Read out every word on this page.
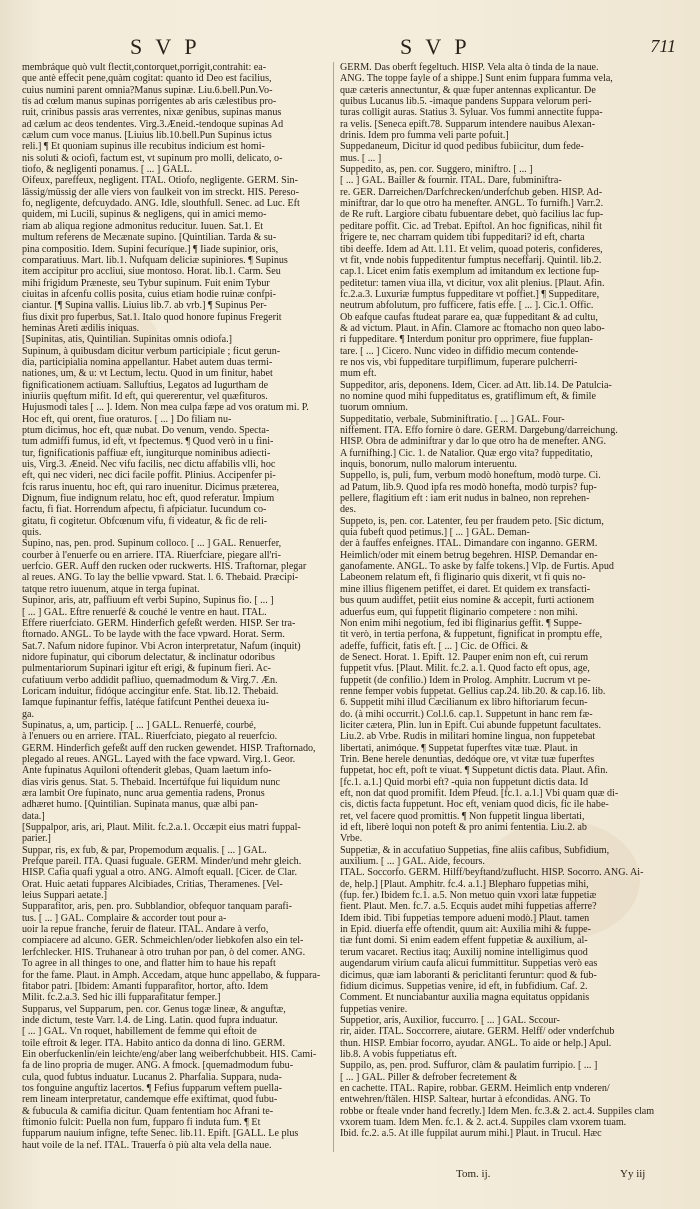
S V P	S V P	711

membráque quò vult flectit,contorquet,porrigit,contrahit: ea-

que antè effecit pene,quàm cogitat: quanto id Deo est facilius,

cuius numini parent omnia?Manus supinæ. Liu.6.bell.Pun.Vo-

tis ad cœlum manus supinas porrigentes ab aris cælestibus pro-

ruit, crinibus passis aras verrentes, nixæ genibus, supinas manus

ad cælum ac deos tendentes. Virg.3.Æneid.-tendoque supinas Ad

cælum cum voce manus. [Liuius lib.10.bell.Pun Supinus ictus

reli.] ¶ Et quoniam supinus ille recubitus indicium est homi-

nis soluti & ociofi, factum est, vt supinum pro molli, delicato, o-

tiofo, & negligenti ponamus. [ ... ] GALL.

Oifeux, pareffeux, negligent. ITAL. Otiofo, negligente. GERM. Sin-

lässig/müssig der alle viers von faulkeit von im streckt. HIS. Pereso-

fo, negligente, defcuydado. ANG. Idle, slouthfull. Senec. ad Luc. Eft

quidem, mi Lucili, supinus & negligens, qui in amici memo-

riam ab aliqua regione admonitus reducitur. Iuuen. Sat.1. Et

multum referens de Mecænate supino. [Quintilian. Tarda & su-

pina compositio. Idem. Supini fecuríque.] ¶ Iiade supinior, oris,

comparatiuus. Mart. lib.1. Nufquam deliciæ supiniores. ¶ Supinus

item accipitur pro accliui, siue montoso. Horat. lib.1. Carm. Seu

mihi frigidum Præneste, seu Tybur supinum. Fuit enim Tybur

ciuitas in afcenfu collis posita, cuius etiam hodie ruinæ confpi-

ciantur. [¶ Supina vallis. Liuius lib.7. ab vrb.] ¶ Supinus Per-

fius dixit pro fuperbus, Sat.1. Italo quod honore fupinus Fregerit

heminas Areti ædilis iniquas.

[Supinitas, atis, Quintilian. Supinitas omnis odiofa.]

Supinum, à quibusdam dicitur verbum participiale ; ficut gerun-

dia, participialia nomina appellantur. Habet autem duas termi-

nationes, um, & u: vt Lectum, lectu. Quod in um finitur, habet

fignificationem actiuam. Salluftius, Legatos ad Iugurtham de

iniuriis quęftum mifit. Id eft, qui quererentur, vel quæfituros.

Hujusmodi tales [ ... ]. Idem. Non mea culpa fæpe ad vos oratum mi. P.

Hoc eft, qui orent, fiue oraturos. [ ... ] Do filiam nu-

ptum dicimus, hoc eft, quæ nubat. Do venum, vendo. Specta-

tum admiffi fumus, id eft, vt fpectemus. ¶ Quod verò in u fini-

tur, fignificationis paffiuæ eft, iungiturque nominibus adiecti-

uis, Virg.3. Æneid. Nec vifu facilis, nec dictu affabilis vlli, hoc

eft, qui nec videri, nec dici facile poffit. Plinius. Accipenfer pi-

fcis rarus inuentu, hoc eft, qui raro inuenitur. Dicimus præterea,

Dignum, fiue indignum relatu, hoc eft, quod referatur. Impium

factu, fi fiat. Horrendum afpectu, fi afpiciatur. Iucundum co-

gitatu, fi cogitetur. Obfcœnum vifu, fi videatur, & fic de reli-

quis.

Supino, nas, pen. prod. Supinum colloco. [ ... ] GAL. Renuerfer,

courber à l'enuerfe ou en arriere. ITA. Riuerfciare, piegare all'ri-

uerfcio. GER. Auff den rucken oder ruckwerts. HIS. Traftornar, plegar

al reues. ANG. To lay the bellie vpward. Stat. l. 6. Thebaid. Præcipi-

tatque retro iuuenum, atque in terga fupinat.

Supinor, aris, atr, paffiuum eft verbi Supino, Supinus fio. [ ... ]

[ ... ] GAL. Eftre renuerfé & couché le ventre en haut. ITAL.

Effere riuerfciato. GERM. Hinderfich gefeßt werden. HISP. Ser tra-

ftornado. ANGL. To be layde with the face vpward. Horat. Serm.

Sat.7. Nafum nidore fupinor. Vbi Acron interpretatur, Nafum (inquit)

nidore fupinatur, qui ciborum delectatur, & inclinatur odoribus

pulmentariorum Supinari igitur eft erigi, & fupinum fieri. Ac-

cufatiuum verbo addidit pafliuo, quemadmodum & Virg.7. Æn.

Loricam induitur, fidóque accingitur enfe. Stat. lib.12. Thebaid.

Iamque fupinantur feffis, latéque fatifcunt Penthei deuexa iu-

ga.

Supinatus, a, um, particip. [ ... ] GALL. Renuerfé, courbé,

à l'enuers ou en arriere. ITAL. Riuerfciato, piegato al reuerfcio.

GERM. Hinderfich gefeßt auff den rucken gewendet. HISP. Traftornado,

plegado al reues. ANGL. Layed with the face vpward. Virg.1. Geor.

Ante fupinatus Aquiloni oftenderit glebas, Quam laetum info-

dias viris genus. Stat. 5. Thebaid. Incertúfque fui liquidum nunc

æra lambit Ore fupinato, nunc arua gementia radens, Pronus

adhæret humo. [Quintilian. Supinata manus, quæ albi pan-

data.]

[Suppalpor, aris, ari, Plaut. Milit. fc.2.a.1. Occæpit eius matri fuppal-

parier.]

Suppar, ris, ex fub, & par, Propemodum æqualis. [ ... ] GAL.

Prefque pareil. ITA. Quasi fuguale. GERM. Minder/und mehr gleich.

HISP. Cafia quafi ygual a otro. ANG. Almoft equall. [Cicer. de Clar.

Orat. Huic aetati fuppares Alcibiades, Critias, Theramenes. [Vel-

leius Suppari aetate.]

Supparafitor, aris, pen. pro. Subblandior, obfequor tanquam parafi-

tus. [ ... ] GAL. Complaire & accorder tout pour a-

uoir la repue franche, feruir de flateur. ITAL. Andare à verfo,

compiacere ad alcuno. GER. Schmeichlen/oder liebkofen also ein tel-

lerfchlecker. HIS. Truhanear à otro truhan por pan, ò del comer. ANG.

To agree in all thinges to one, and flatter him to haue his repaft

for the fame. Plaut. in Amph. Accedam, atque hunc appellabo, & fuppara-

fitabor patri. [Ibidem: Amanti fupparafitor, hortor, afto. Idem

Milit. fc.2.a.3. Sed hic illi fupparafitatur femper.]

Supparus, vel Supparum, pen. cor. Genus togæ lineæ, & anguftæ,

inde dictum, teste Varr. l.4. de Ling. Latin. quod fupra induatur.

[ ... ] GAL. Vn roquet, habillement de femme qui eftoit de

toile eftroit & leger. ITA. Habito antico da donna di lino. GERM.

Ein oberfuckenlin/ein leichte/eng/aber lang weiberfchubbeit. HIS. Cami-

fa de lino propria de muger. ANG. A fmock. [quemadmodum fubu-

cula, quod fubtus induatur. Lucanus 2. Pharfalia. Suppara, nuda-

tos fonguine anguftiz lacertos. ¶ Fefius fupparum veftem puella-

rem lineam interpretatur, candemque effe exiftimat, quod fubu-

& fubucula & camifia dicitur. Quam fententiam hoc Afrani te-

ftimonio fulcit: Puella non fum, fupparo fi induta fum. ¶ Et

fupparum nauium infigne, tefte Senec. lib.11. Epift. [GALL. Le plus

haut voile de la nef. ITAL. Trauerfa ò più alta vela della naue.

GERM. Das oberft fegeltuch. HISP. Vela alta ò tinda de la naue.

ANG. The toppe fayle of a shippe.] Sunt enim fuppara fumma vela,

quæ cæteris annectuntur, & quæ fuper antennas explicantur. De

quibus Lucanus lib.5. -imaque pandens Suppara velorum peri-

turas colligit auras. Statius 3. Syluar. Vos fummi annectite fuppa-

ra velis. [Seneca epift.78. Supparum intendere nauibus Alexan-

drinis. Idem pro fumma veli parte pofuit.]

Suppedaneum, Dicitur id quod pedibus fubiicitur, dum fede-

mus. [ ... ]

Suppedito, as, pen. cor. Suggero, miniftro. [ ... ]

[ ... ] GAL. Bailler & fournir. ITAL. Dare, fubminiftra-

re. GER. Darreichen/Darfchrecken/underfchub geben. HISP. Ad-

miniftrar, dar lo que otro ha menefter. ANGL. To furnifh.] Varr.2.

de Re ruft. Largiore cibatu fubuentare debet, quò facilius lac fup-

peditare poffit. Cic. ad Trebat. Epiftol. An hoc fignificas, nihil fit

frigere te, nec charram quidem tibi fuppeditari? id eft, charta

tibi deeffe. Idem ad Att. l.11. Et velim, quoad poteris, confideres,

vt fit, vnde nobis fuppeditentur fumptus neceffarij. Quintil. lib.2.

cap.1. Licet enim fatis exemplum ad imitandum ex lectione fup-

peditetur: tamen viua illa, vt dicitur, vox alit plenius. [Plaut. Afin.

fc.2.a.3. Luxuriæ fumptus fuppeditare vt poffiet.] ¶ Suppeditare,

neutrum abfolutum, pro fufficere, fatis effe. [ ... ]. Cic.1. Offic.

Ob eafque caufas ftudeat parare ea, quæ fuppeditant & ad cultu,

& ad victum. Plaut. in Afin. Clamore ac ftomacho non queo labo-

ri fuppeditare. ¶ Interdum ponitur pro opprimere, fiue fupplan-

tare. [ ... ] Cicero. Nunc video in diffidio mecum contende-

re nos vis, vbi fuppeditare turpiflimum, fuperare pulcherri-

mum eft.

Suppeditor, aris, deponens. Idem, Cicer. ad Att. lib.14. De Patulcia-

no nomine quod mihi fuppeditatus es, gratiflimum eft, & fimile

tuorum omnium.

Suppeditatio, verbale, Subminiftratio. [ ... ] GAL. Four-

niffement. ITA. Effo fornire ò dare. GERM. Dargebung/darreichung.

HISP. Obra de adminiftrar y dar lo que otro ha de menefter. ANG.

A furnifhing.] Cic. 1. de Natalior. Quæ ergo vita? fuppeditatio,

inquis, bonorum, nullo malorum interuentu.

Suppello, is, puli, fum, verbum modò honeftum, modò turpe. Ci.

ad Patum, lib.9. Quod ipfa res modò honefta, modò turpis? fup-

pellere, flagitium eft : iam erit nudus in balneo, non reprehen-

des.

Suppeto, is, pen. cor. Latenter, feu per fraudem peto. [Sic dictum,

quia fubeft quod petimus.] [ ... ] GAL. Deman-

der à fauffes enfeignes. ITAL. Dimandare con inganno. GERM.

Heimlich/oder mit einem betrug begehren. HISP. Demandar en-

ganofamente. ANGL. To aske by falfe tokens.] Vlp. de Furtis. Apud

Labeonem relatum eft, fi fliginario quis dixerit, vt fi quis no-

mine illius fligenem petiffet, ei daret. Et quidem ex transfacti-

bus quum audiffet, petiit eius nomine & accepit, furti actionem

aduerfus eum, qui fuppetit fliginario competere : non mihi.

Non enim mihi negotium, fed ibi fliginarius geffit. ¶ Suppe-

tit verò, in tertia perfona, & fuppetunt, fignificat in promptu effe,

adeffe, fufficit, fatis eft. [ ... ] Cic. de Offici. &

de Senect. Horat. 1. Epift. 12. Pauper enim non eft, cui rerum

fuppetit vfus. [Plaut. Milit. fc.2. a.1. Quod facto eft opus, age,

fuppetit (de confilio.) Idem in Prolog. Amphitr. Lucrum vt pe-

renne femper vobis fuppetat. Gellius cap.24. lib.20. & cap.16. lib.

6. Suppetit mihi illud Cæcilianum ex libro hiftoriarum fecun-

do. (à mihi occurrit.) Col.l.6. cap.1. Suppetunt in hanc rem fæ-

liciter cætera, Plin. lun in Epift. Cui abunde fuppetunt facultates.

Liu.2. ab Vrbe. Rudis in militari homine lingua, non fuppetebat

libertati, animóque. ¶ Suppetat fuperftes vitæ tuæ. Plaut. in

Trin. Bene herele denuntias, dedóque ore, vt vitæ tuæ fuperftes

fuppetat, hoc eft, poft te viuat. ¶ Suppetunt dictis data. Plaut. Afin.

[fc.1. a.1.] Quid morbi eft? -quia non fuppetunt dictis data. Id

eft, non dat quod promifit. Idem Pfeud. [fc.1. a.1.] Vbi quam quæ di-

cis, dictis facta fuppetunt. Hoc eft, veniam quod dicis, fic ile habe-

ret, vel facere quod promittis. ¶ Non fuppetit lingua libertati,

id eft, liberè loqui non poteft & pro animi fententia. Liu.2. ab

Vrbe.

Suppetiæ, & in accufatiuo Suppetias, fine aliis cafibus, Subfidium,

auxilium. [ ... ] GAL. Aide, fecours.

ITAL. Soccorfo. GERM. Hilff/beyftand/zuflucht. HISP. Socorro. ANG. Ai-

de, help.] [Plaut. Amphitr. fc.4. a.1.] Blepharo fuppetias mihi,

(fup. fer.) Ibidem fc.1. a.5. Non metuo quin vxori latæ fuppetiæ

fient. Plaut. Men. fc.7. a.5. Ecquis audet mihi fuppetias afferre?

Idem ibid. Tibi fuppetias tempore adueni modò.] Plaut. tamen

in Epid. diuerfa effe oftendit, quum ait: Auxilia mihi & fuppe-

tiæ funt domi. Si enim eadem effent fuppetiæ & auxilium, al-

terum vacaret. Rectius itaq; Auxilij nomine intelligimus quod

augendarum virium caufa alicui fummittitur. Suppetias verò eas

dicimus, quæ iam laboranti & periclitanti feruntur: quod & fub-

fidium dicimus. Suppetias venire, id eft, in fubfidium. Caf. 2.

Comment. Et nunciabantur auxilia magna equitatus oppidanis

fuppetias venire.

Suppetior, aris, Auxilior, fuccurro. [ ... ] GAL. Sccour-

rir, aider. ITAL. Soccorrere, aiutare. GERM. Helff/ oder vnderfchub

thun. HISP. Embiar focorro, ayudar. ANGL. To aide or help.] Apul.

lib.8. A vobis fuppetiatus eft.

Suppilo, as, pen. prod. Suffuror, clàm & paulatim furripio. [ ... ]

[ ... ] GAL. Piller & defrober fecretement &

en cachette. ITAL. Rapire, robbar. GERM. Heimlich entp vnderen/

entwehren/ftälen. HISP. Saltear, hurtar à efcondidas. ANG. To

robbe or fteale vnder hand fecretly.] Idem Men. fc.3.& 2. act.4. Suppiles clam

vxorem tuam. Idem Men. fc.1. & 2. act.4. Suppiles clam vxorem tuam.

Ibid. fc.2. a.5. At ille fuppilat aurum mihi.] Plaut. in Trucul. Hæc

Tom. ij.	Yy iij
